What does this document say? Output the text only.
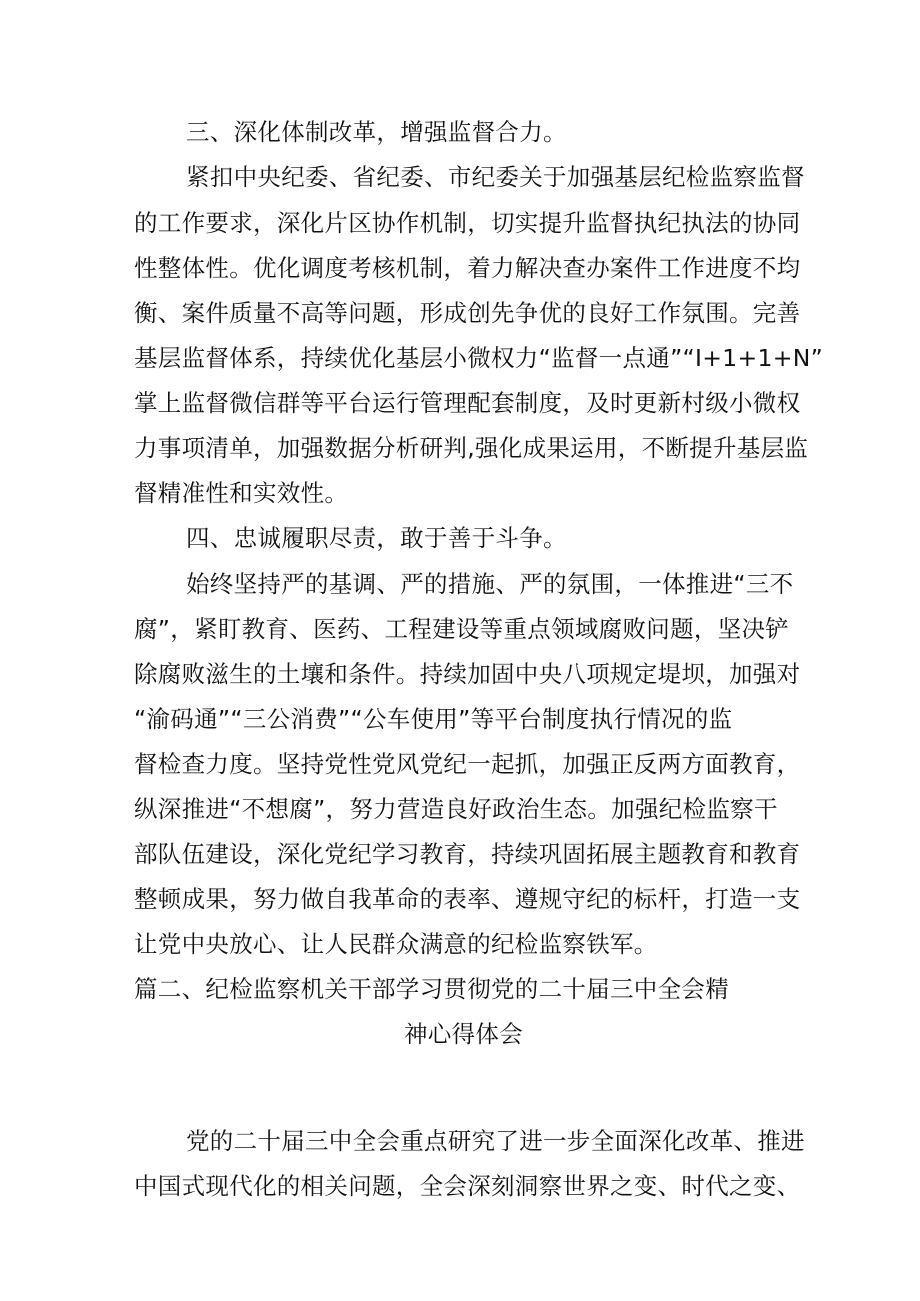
三、深化体制改革，增强监督合力。
紧扣中央纪委、省纪委、市纪委关于加强基层纪检监察监督
的工作要求，深化片区协作机制，切实提升监督执纪执法的协同
性整体性。优化调度考核机制，着力解决查办案件工作进度不均
衡、案件质量不高等问题，形成创先争优的良好工作氛围。完善
基层监督体系，持续优化基层小微权力“监督一点通”“I+1+1+N”
掌上监督微信群等平台运行管理配套制度，及时更新村级小微权
力事项清单，加强数据分析研判,强化成果运用，不断提升基层监
督精准性和实效性。
四、忠诚履职尽责，敢于善于斗争。
始终坚持严的基调、严的措施、严的氛围，一体推进“三不
腐”，紧盯教育、医药、工程建设等重点领域腐败问题，坚决铲
除腐败滋生的土壤和条件。持续加固中央八项规定堤坝，加强对
“渝码通”“三公消费”“公车使用”等平台制度执行情况的监
督检查力度。坚持党性党风党纪一起抓，加强正反两方面教育，
纵深推进“不想腐”，努力营造良好政治生态。加强纪检监察干
部队伍建设，深化党纪学习教育，持续巩固拓展主题教育和教育
整顿成果，努力做自我革命的表率、遵规守纪的标杆，打造一支
让党中央放心、让人民群众满意的纪检监察铁军。
篇二、纪检监察机关干部学习贯彻党的二十届三中全会精
神心得体会
党的二十届三中全会重点研究了进一步全面深化改革、推进
中国式现代化的相关问题，全会深刻洞察世界之变、时代之变、
